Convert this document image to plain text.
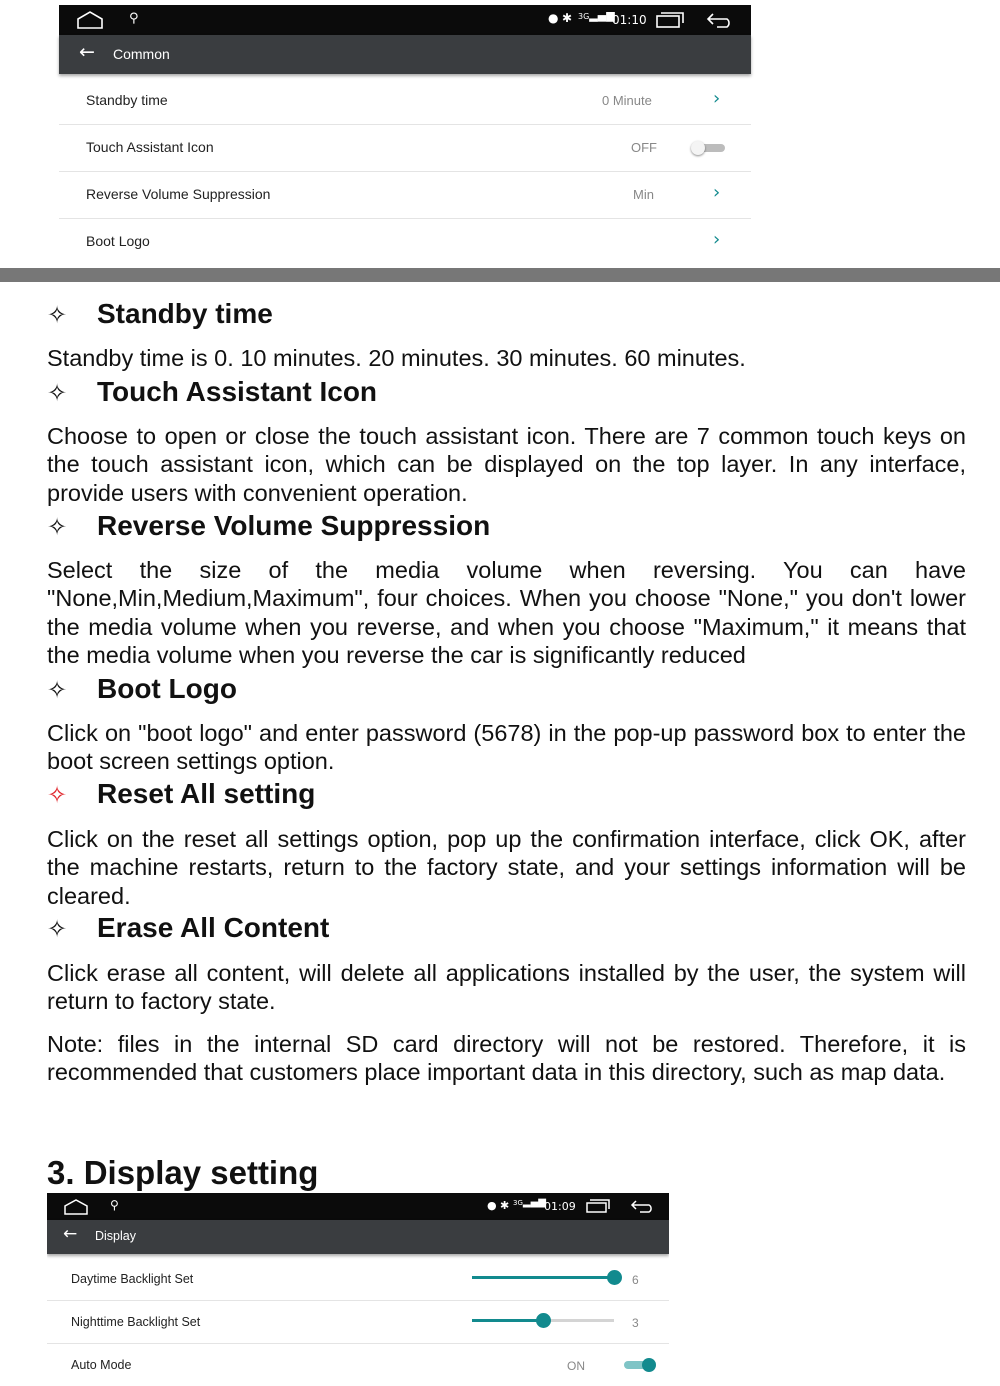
⚲	● ✱ 3G▂▄▆
01:10
← Common
Standby time	0 Minute	›
Touch Assistant Icon	OFF
Reverse Volume Suppression	Min	›
Boot Logo	›
✧ Standby time
Standby time is 0. 10 minutes. 20 minutes. 30 minutes. 60 minutes.
✧ Touch Assistant Icon
Choose to open or close the touch assistant icon. There are 7 common touch keys on the touch assistant icon, which can be displayed on the top layer. In any interface, provide users with convenient operation.
✧ Reverse Volume Suppression
Select the size of the media volume when reversing. You can have "None,Min,Medium,Maximum", four choices. When you choose "None," you don't lower the media volume when you reverse, and when you choose "Maximum," it means that the media volume when you reverse the car is significantly reduced
✧ Boot Logo
Click on "boot logo" and enter password (5678) in the pop-up password box to enter the boot screen settings option.
✧ Reset All setting
Click on the reset all settings option, pop up the confirmation interface, click OK, after the machine restarts, return to the factory state, and your settings information will be cleared.
✧ Erase All Content
Click erase all content, will delete all applications installed by the user, the system will return to factory state.
Note: files in the internal SD card directory will not be restored. Therefore, it is recommended that customers place important data in this directory, such as map data.
3. Display setting
⚲	● ✱ 3G▂▄▆
01:09
← Display
Daytime Backlight Set	6
Nighttime Backlight Set	3
Auto Mode	ON
